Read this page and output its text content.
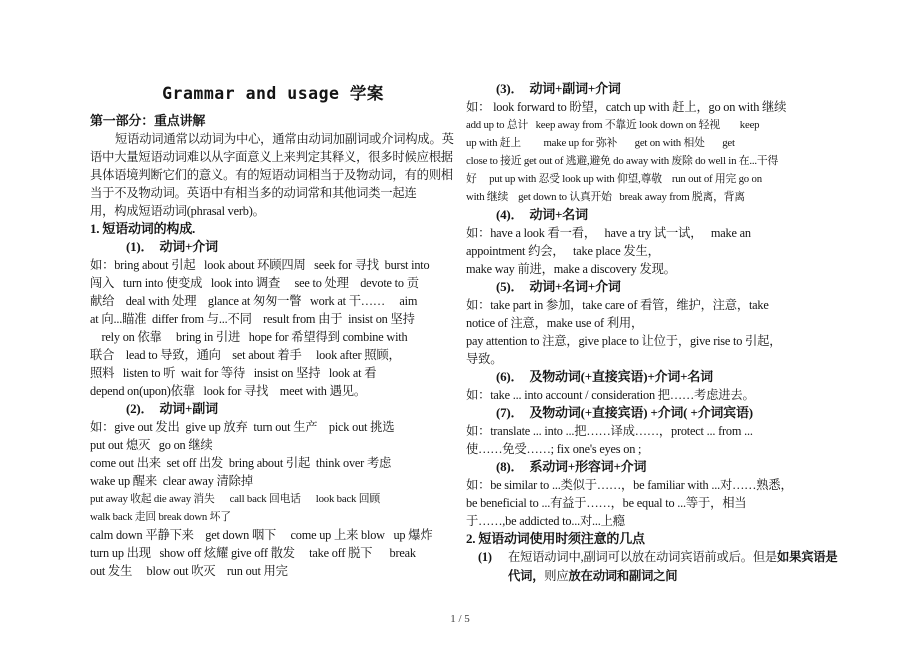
Grammar and usage 学案
第一部分：重点讲解
短语动词通常以动词为中心，通常由动词加副词或介词构成。英
语中大量短语动词难以从字面意义上来判定其释义，很多时候应根据
具体语境判断它们的意义。有的短语动词相当于及物动词，有的则相
当于不及物动词。英语中有相当多的动词常和其他词类一起连
用，构成短语动词(phrasal verb)。
1. 短语动词的构成.
(1)．  动词+介词
如：bring about 引起   look about 环顾四周   seek for 寻找  burst into
闯入   turn into 使变成   look into 调查     see to 处理    devote to 贡
献给    deal with 处理    glance at 匆匆一瞥   work at 干……     aim
at 向...瞄准  differ from 与...不同    result from 由于  insist on 坚持
rely on 依靠     bring in 引进   hope for 希望得到 combine with
联合    lead to 导致，通向    set about 着手     look after 照顾，
照料   listen to 听  wait for 等待   insist on 坚持   look at 看
depend on(upon)依靠   look for 寻找    meet with 遇见。
(2)．  动词+副词
如：give out 发出  give up 放弃  turn out 生产    pick out 挑选
put out 熄灭   go on 继续
come out 出来  set off 出发  bring about 引起  think over 考虑
wake up 醒来  clear away 清除掉
put away 收起 die away 消失      call back 回电话      look back 回顾
walk back 走回 break down 坏了
calm down 平静下来    get down 咽下     come up 上来 blow   up 爆炸
turn up 出现   show off 炫耀 give off 散发     take off 脱下      break
out 发生     blow out 吹灭    run out 用完
(3)．  动词+副词+介词
如： look forward to 盼望，catch up with 赶上，go on with 继续
add up to 总计   keep away from 不靠近 look down on 轻视        keep
up with 赶上         make up for 弥补       get on with 相处       get
close to 接近 get out of 逃避,避免 do away with 废除 do well in 在...干得
好     put up with 忍受 look up with 仰望,尊敬    run out of 用完 go on
with 继续    get down to 认真开始   break away from 脱离，背离
(4)．  动词+名词
如：have a look 看一看，   have a try 试一试，   make an
appointment 约会，   take place 发生，
make way 前进，make a discovery 发现。
(5)．  动词+名词+介词
如：take part in 参加，take care of 看管，维护，注意，take
notice of 注意，make use of 利用，
pay attention to 注意，give place to 让位于，give rise to 引起，
导致。
(6)．  及物动词(+直接宾语)+介词+名词
如：take ... into account / consideration 把……考虑进去。
(7)．  及物动词(+直接宾语) +介词( +介词宾语)
如：translate ... into ...把……译成……，protect ... from ...
使……免受……; fix one's eyes on ;
(8)．  系动词+形容词+介词
如：be similar to ...类似于……，be familiar with ...对……熟悉，
be beneficial to ...有益于……，be equal to ...等于，相当
于……,be addicted to...对...上瘾
2. 短语动词使用时须注意的几点
(1)	在短语动词中,副词可以放在动词宾语前或后。但是如果宾语是代词，则应放在动词和副词之间
1 / 5
